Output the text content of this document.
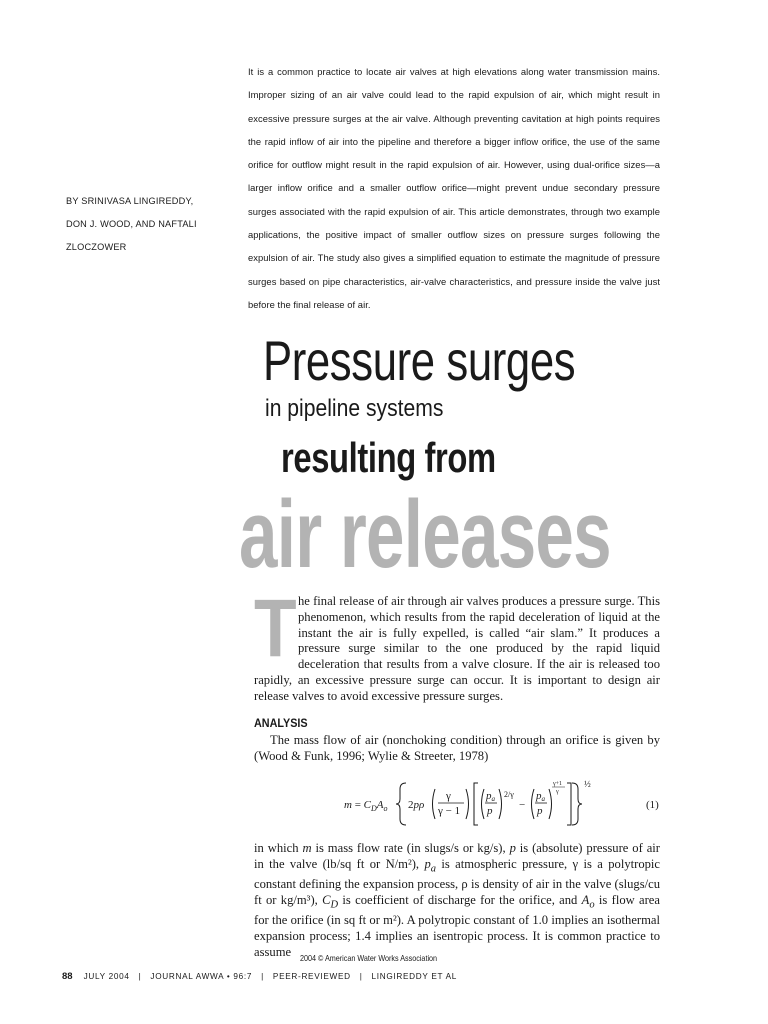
It is a common practice to locate air valves at high elevations along water transmission mains. Improper sizing of an air valve could lead to the rapid expulsion of air, which might result in excessive pressure surges at the air valve. Although preventing cavitation at high points requires the rapid inflow of air into the pipeline and therefore a bigger inflow orifice, the use of the same orifice for outflow might result in the rapid expulsion of air. However, using dual-orifice sizes—a larger inflow orifice and a smaller outflow orifice—might prevent undue secondary pressure surges associated with the rapid expulsion of air. This article demonstrates, through two example applications, the positive impact of smaller outflow sizes on pressure surges following the expulsion of air. The study also gives a simplified equation to estimate the magnitude of pressure surges based on pipe characteristics, air-valve characteristics, and pressure inside the valve just before the final release of air.
BY SRINIVASA LINGIREDDY,
DON J. WOOD, AND NAFTALI
ZLOCZOWER
Pressure surges
in pipeline systems
resulting from
air releases
T he final release of air through air valves produces a pressure surge. This phenomenon, which results from the rapid deceleration of liquid at the instant the air is fully expelled, is called “air slam.” It produces a pressure surge similar to the one produced by the rapid liquid deceleration that results from a valve closure. If the air is released too rapidly, an excessive pressure surge can occur. It is important to design air release valves to avoid excessive pressure surges.
ANALYSIS

The mass flow of air (nonchoking condition) through an orifice is given by (Wood & Funk, 1996; Wylie & Streeter, 1978)

$m = C_DA_o$ 2pρ
γ
γ − 1
pa
p
2/γ
−
pa
p
γ+1
γ
½
(1)

in which m is mass flow rate (in slugs/s or kg/s), p is (absolute) pressure of air in the valve (lb/sq ft or N/m²), $p_a$ is atmospheric pressure, γ is a polytropic constant defining the expansion process, ρ is density of air in the valve (slugs/cu ft or kg/m³), $C_D$ is coefficient of discharge for the orifice, and $A_o$ is flow area for the orifice (in sq ft or m²). A polytropic constant of 1.0 implies an isothermal expansion process; 1.4 implies an isentropic process. It is common practice to assume	2004 © American Water Works Association
88 JULY 2004 | JOURNAL AWWA • 96:7 | PEER-REVIEWED | LINGIREDDY ET AL
